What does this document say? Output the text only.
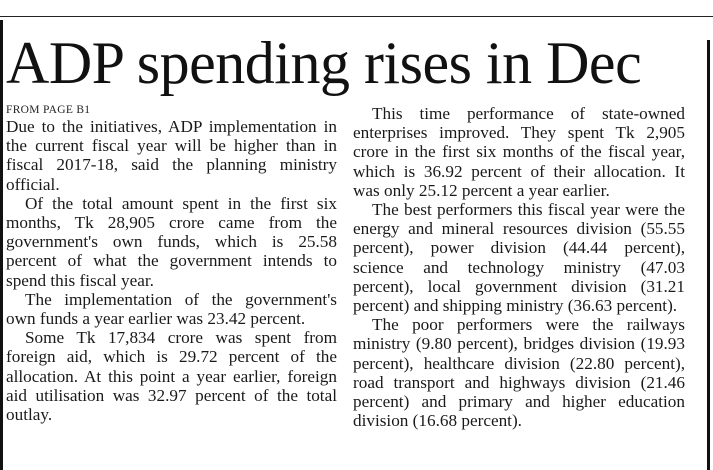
ADP spending rises in Dec
FROM PAGE B1

Due to the initiatives, ADP implementation in the current fiscal year will be higher than in fiscal 2017-18, said the planning ministry official.

Of the total amount spent in the first six months, Tk 28,905 crore came from the government's own funds, which is 25.58 percent of what the government intends to spend this fiscal year.

The implementation of the government's own funds a year earlier was 23.42 percent.

Some Tk 17,834 crore was spent from foreign aid, which is 29.72 percent of the allocation. At this point a year earlier, foreign aid utilisation was 32.97 percent of the total outlay.

This time performance of state-owned enterprises improved. They spent Tk 2,905 crore in the first six months of the fiscal year, which is 36.92 percent of their allocation. It was only 25.12 percent a year earlier.

The best performers this fiscal year were the energy and mineral resources division (55.55 percent), power division (44.44 percent), science and technology ministry (47.03 percent), local government division (31.21 percent) and shipping ministry (36.63 percent).

The poor performers were the railways ministry (9.80 percent), bridges division (19.93 percent), healthcare division (22.80 percent), road transport and highways division (21.46 percent) and primary and higher education division (16.68 percent).
